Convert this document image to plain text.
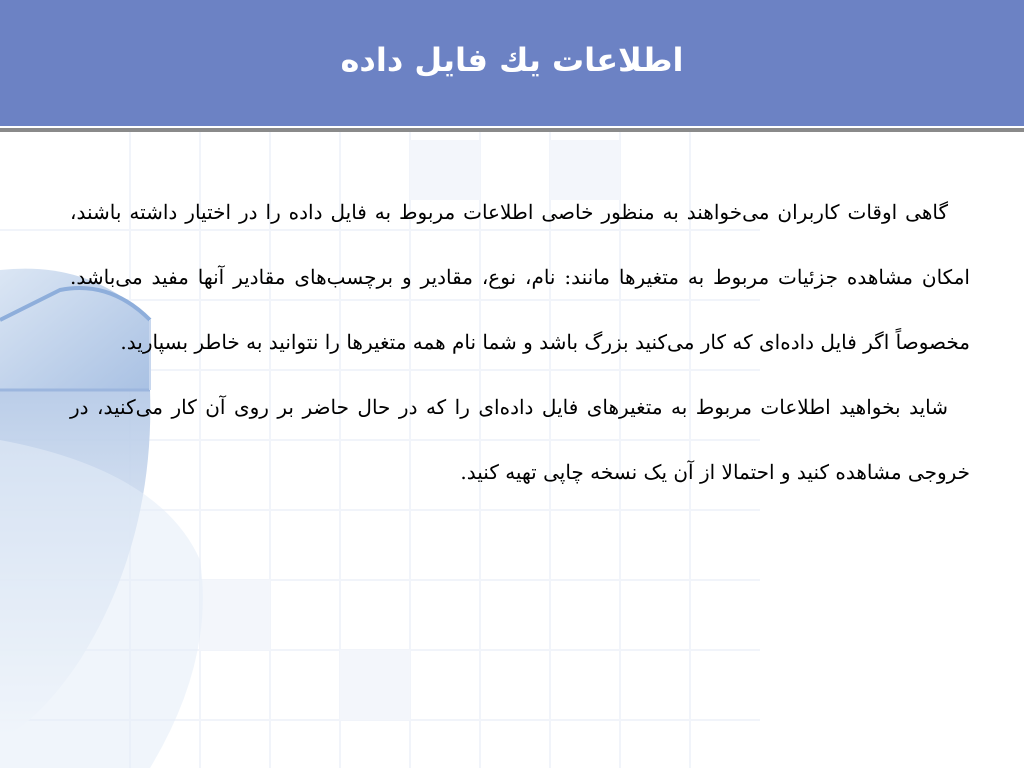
اطلاعات يك فايل داده

گاهی اوقات کاربران می‌خواهند به منظور خاصی اطلاعات مربوط به فایل داده را در اختیار داشته باشند، امکان مشاهده جزئیات مربوط به متغیرها مانند: نام، نوع، مقادیر و برچسب‌های مقادیر آنها مفید می‌باشد. مخصوصاً اگر فایل داده‌ای که کار می‌کنید بزرگ باشد و شما نام همه متغیرها را نتوانید به خاطر بسپارید.

شاید بخواهید اطلاعات مربوط به متغیرهای فایل داده‌ای را که در حال حاضر بر روی آن کار می‌کنید، در خروجی مشاهده کنید و احتمالا از آن یک نسخه چاپی تهیه کنید.
